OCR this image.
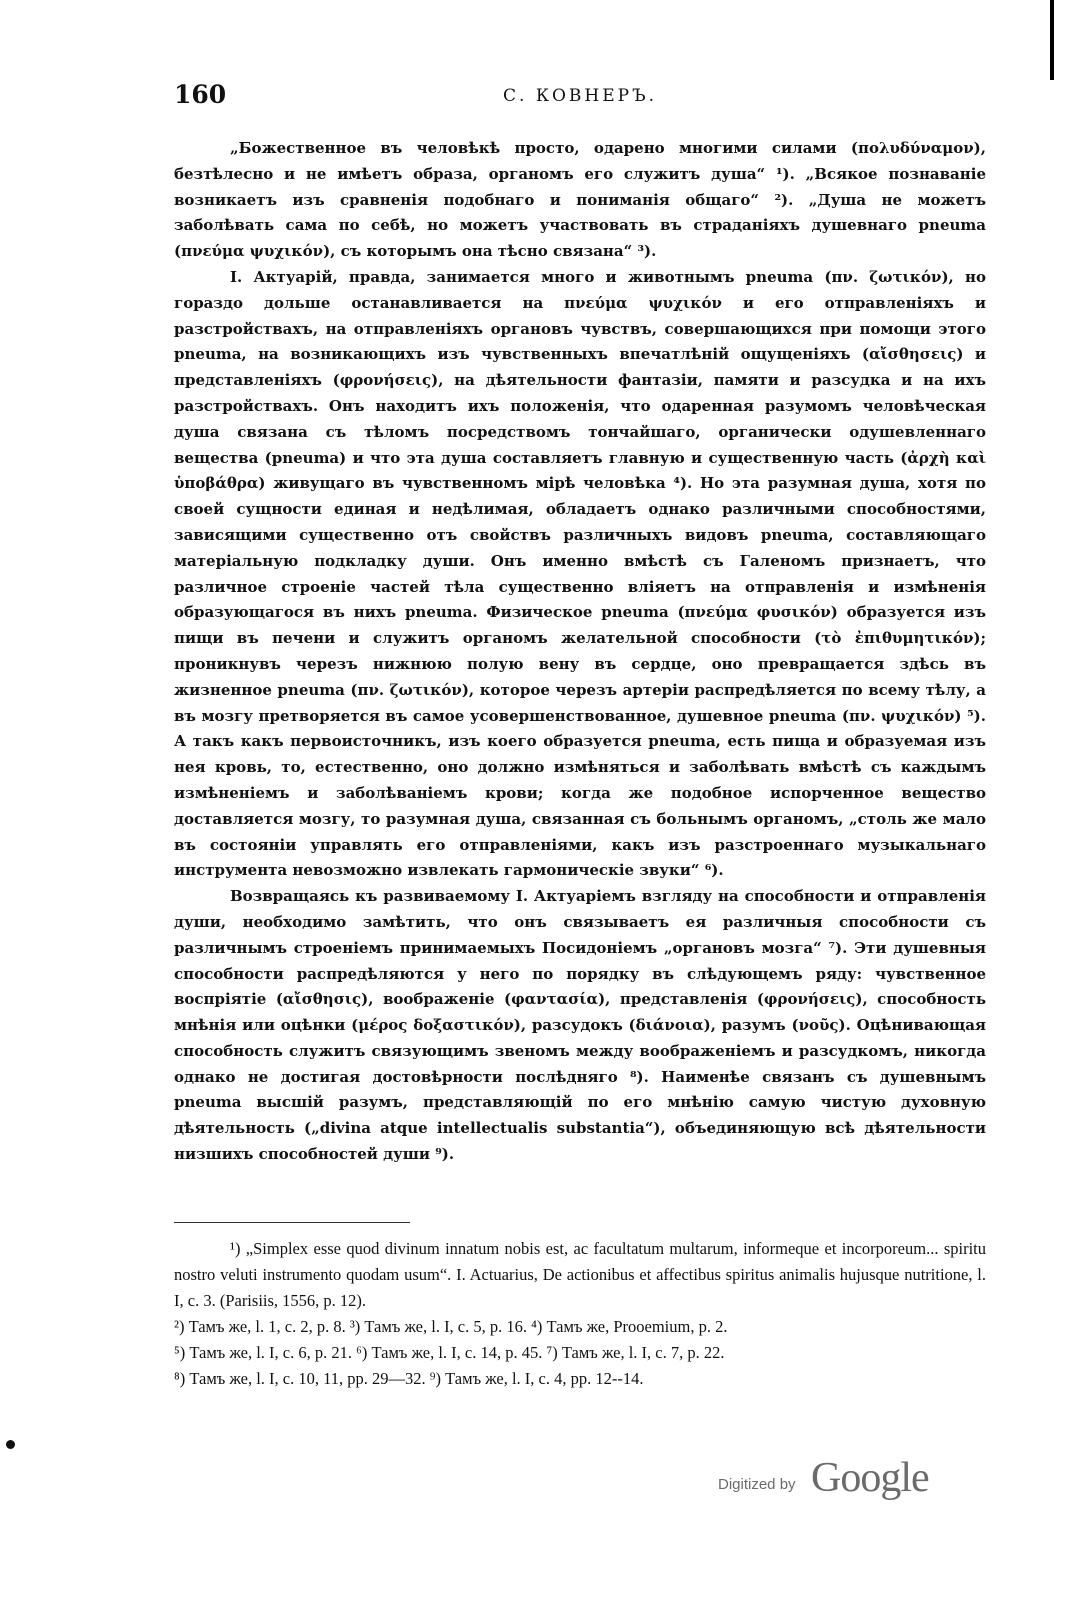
160	С. КОВНЕРЪ.

„Божественное въ человѣкѣ просто, одарено многими силами (πολυδύναμον), безтѣлесно и не имѣетъ образа, органомъ его служитъ душа“ ¹). „Всякое познаваніе возникаетъ изъ сравненія подобнаго и пониманія общаго“ ²). „Душа не можетъ заболѣвать сама по себѣ, но можетъ участвовать въ страданіяхъ душевнаго pneuma (πνεύμα ψυχικόν), съ которымъ она тѣсно связана“ ³).

I. Актуарій, правда, занимается много и животнымъ pneuma (πν. ζωτικόν), но гораздо дольше останавливается на πνεύμα ψυχικόν и его отправленіяхъ и разстройствахъ, на отправленіяхъ органовъ чувствъ, совершающихся при помощи этого pneuma, на возникающихъ изъ чувственныхъ впечатлѣній ощущеніяхъ (αἴσθησεις) и представленіяхъ (φρονήσεις), на дѣятельности фантазіи, памяти и разсудка и на ихъ разстройствахъ. Онъ находитъ ихъ положенія, что одаренная разумомъ человѣческая душа связана съ тѣломъ посредствомъ тончайшаго, органически одушевленнаго вещества (pneuma) и что эта душа составляетъ главную и существенную часть (ἀρχὴ καὶ ὑποβάθρα) живущаго въ чувственномъ мірѣ человѣка ⁴). Но эта разумная душа, хотя по своей сущности единая и недѣлимая, обладаетъ однако различными способностями, зависящими существенно отъ свойствъ различныхъ видовъ pneuma, составляющаго матеріальную подкладку души. Онъ именно вмѣстѣ съ Галеномъ признаетъ, что различное строеніе частей тѣла существенно вліяетъ на отправленія и измѣненія образующагося въ нихъ pneuma. Физическое pneuma (πνεύμα φυσικόν) образуется изъ пищи въ печени и служитъ органомъ желательной способности (τὸ ἐπιθυμητικόν); проникнувъ черезъ нижнюю полую вену въ сердце, оно превращается здѣсь въ жизненное pneuma (πν. ζωτικόν), которое черезъ артеріи распредѣляется по всему тѣлу, а въ мозгу претворяется въ самое усовершенствованное, душевное pneuma (πν. ψυχικόν) ⁵). А такъ какъ первоисточникъ, изъ коего образуется pneuma, есть пища и образуемая изъ нея кровь, то, естественно, оно должно измѣняться и заболѣвать вмѣстѣ съ каждымъ измѣненіемъ и заболѣваніемъ крови; когда же подобное испорченное вещество доставляется мозгу, то разумная душа, связанная съ больнымъ органомъ, „столь же мало въ состояніи управлять его отправленіями, какъ изъ разстроеннаго музыкальнаго инструмента невозможно извлекать гармоническіе звуки“ ⁶).

Возвращаясь къ развиваемому I. Актуаріемъ взгляду на способности и отправленія души, необходимо замѣтить, что онъ связываетъ ея различныя способности съ различнымъ строеніемъ принимаемыхъ Посидоніемъ „органовъ мозга“ ⁷). Эти душевныя способности распредѣляются у него по порядку въ слѣдующемъ ряду: чувственное воспріятіе (αἴσθησις), воображеніе (φαντασία), представленія (φρονήσεις), способность мнѣнія или оцѣнки (μέρος δοξαστικόν), разсудокъ (διάνοια), разумъ (νοῦς). Оцѣнивающая способность служитъ связующимъ звеномъ между воображеніемъ и разсудкомъ, никогда однако не достигая достовѣрности послѣдняго ⁸). Наименѣе связанъ съ душевнымъ pneuma высшій разумъ, представляющій по его мнѣнію самую чистую духовную дѣятельность („divina atque intellectualis substantia“), объединяющую всѣ дѣятельности низшихъ способностей души ⁹).

¹) „Simplex esse quod divinum innatum nobis est, ac facultatum multarum, informeque et incorporeum... spiritu nostro veluti instrumento quodam usum“. I. Actuarius, De actionibus et affectibus spiritus animalis hujusque nutritione, l. I, c. 3. (Parisiis, 1556, p. 12).

²) Тамъ же, l. 1, c. 2, p. 8. ³) Тамъ же, l. I, c. 5, p. 16. ⁴) Тамъ же, Prooemium, p. 2.

⁵) Тамъ же, l. I, c. 6, p. 21. ⁶) Тамъ же, l. I, c. 14, p. 45. ⁷) Тамъ же, l. I, c. 7, p. 22.

⁸) Тамъ же, l. I, c. 10, 11, pp. 29—32. ⁹) Тамъ же, l. I, c. 4, pp. 12--14.

Digitized by Google
